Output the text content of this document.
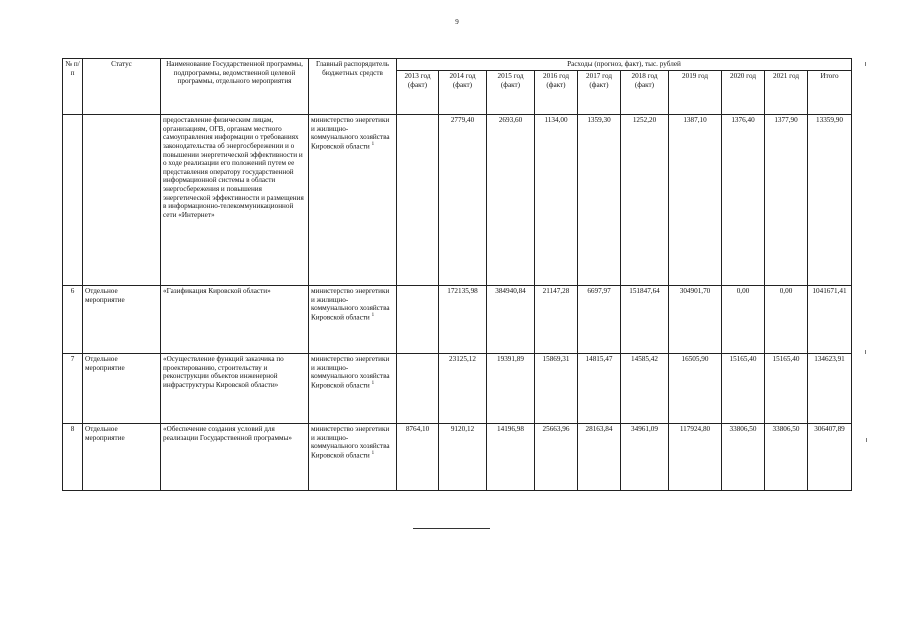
9
№ п/п	Статус	Наименование Государственной программы, подпрограммы, ведомственной целевой программы, отдельного мероприятия	Главный распорядитель бюджетных средств	Расходы (прогноз, факт), тыс. рублей									
				2013 год (факт)	2014 год (факт)	2015 год (факт)	2016 год (факт)	2017 год (факт)	2018 год (факт)	2019 год	2020 год	2021 год	Итого
		предоставление физическим лицам, организациям, ОГВ, органам местного самоуправления информации о требованиях законодательства об энергосбережении и о повышении энергетической эффективности и о ходе реализации его положений путем ее представления оператору государственной информационной системы в области энергосбережения и повышения энергетической эффективности и размещения в информационно-телекоммуникационной сети «Интернет»	министерство энергетики и жилищно-коммунального хозяйства Кировской области $^1$		2779,40	2693,60	1134,00	1359,30	1252,20	1387,10	1376,40	1377,90	13359,90
6	Отдельное мероприятие	«Газификация Кировской области»	министерство энергетики и жилищно-коммунального хозяйства Кировской области $^1$		172135,98	384940,84	21147,28	6697,97	151847,64	304901,70	0,00	0,00	1041671,41
7	Отдельное мероприятие	«Осуществление функций заказчика по проектированию, строительству и реконструкции объектов инженерной инфраструктуры Кировской области»	министерство энергетики и жилищно-коммунального хозяйства Кировской области $^1$		23125,12	19391,89	15869,31	14815,47	14585,42	16505,90	15165,40	15165,40	134623,91
8	Отдельное мероприятие	«Обеспечение создания условий для реализации Государственной программы»	министерство энергетики и жилищно-коммунального хозяйства Кировской области $^1$	8764,10	9120,12	14196,98	25663,96	28163,84	34961,09	117924,80	33806,50	33806,50	306407,89
